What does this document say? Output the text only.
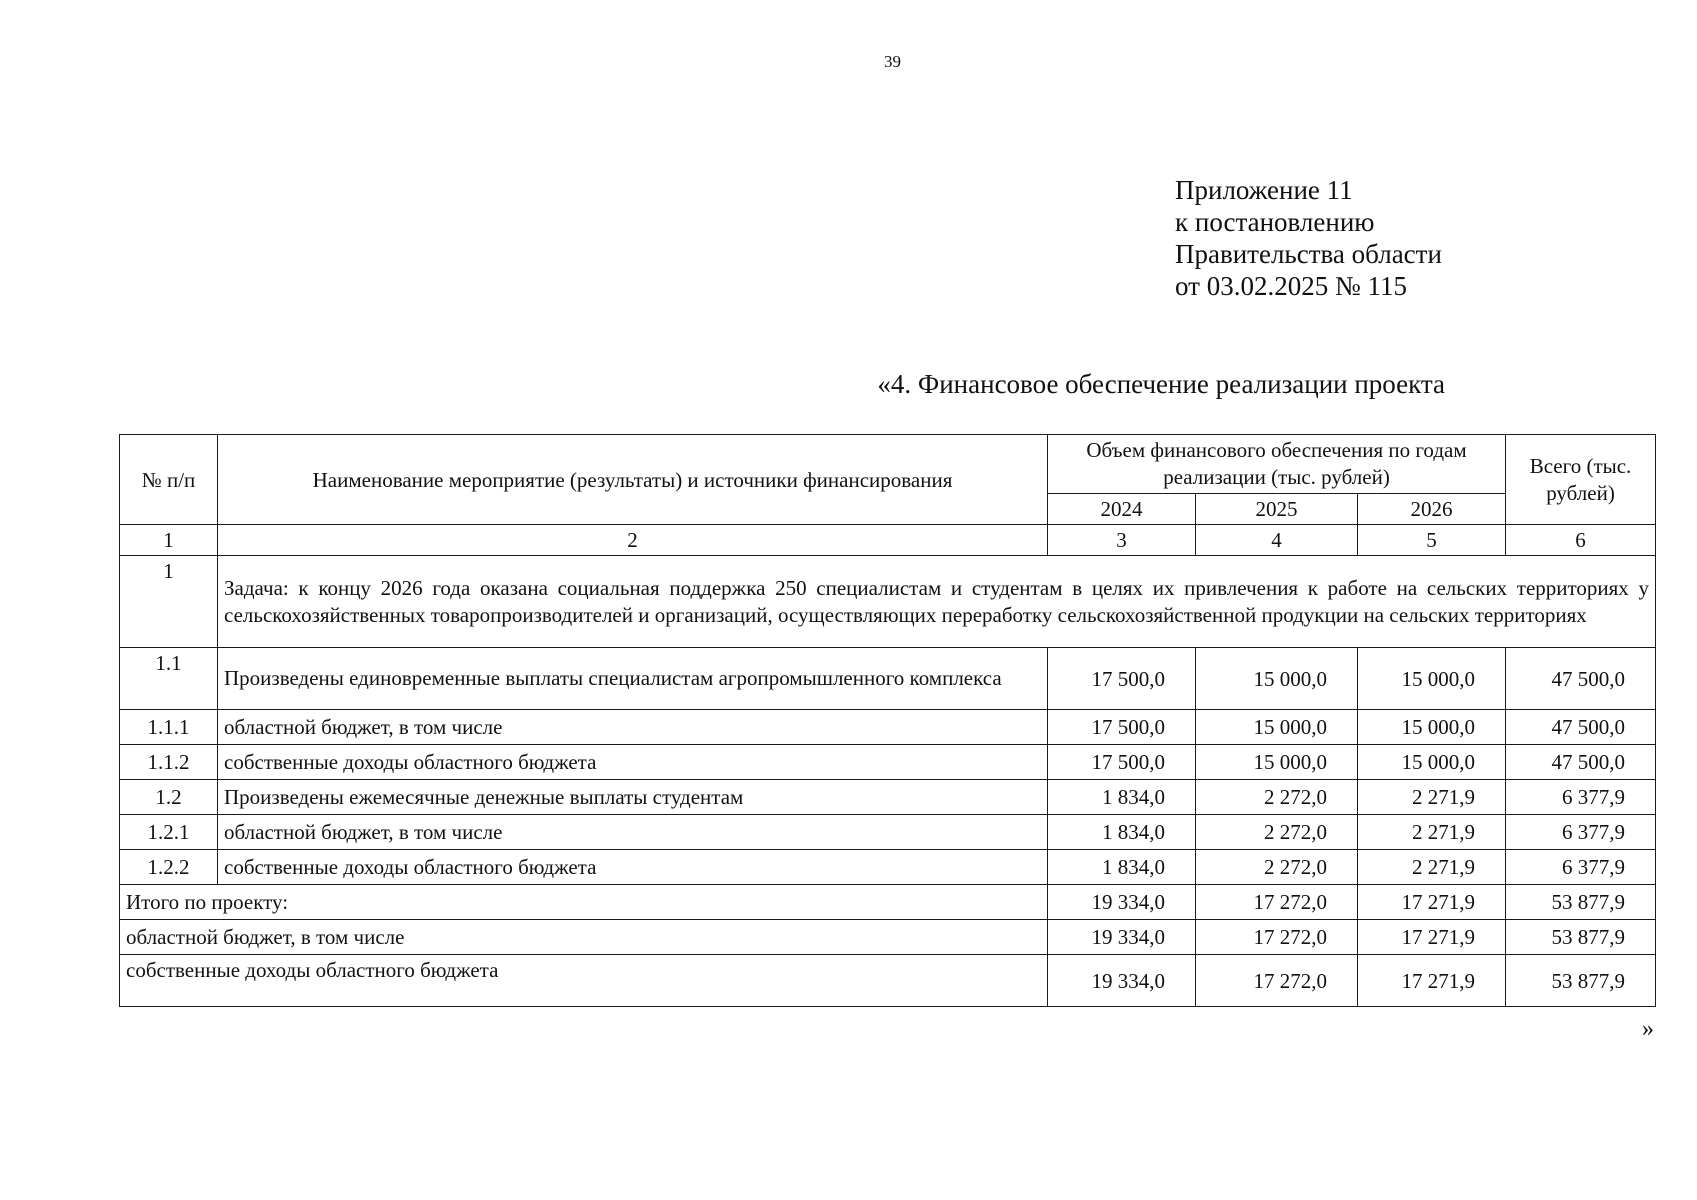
39
Приложение 11
к постановлению
Правительства области
от 03.02.2025 № 115
«4. Финансовое обеспечение реализации проекта
№ п/п	Наименование мероприятие (результаты) и источники финансирования	Объем финансового обеспечения по годам реализации (тыс. рублей)			Всего (тыс. рублей)
		2024	2025	2026	
1	2	3	4	5	6
1	Задача: к концу 2026 года оказана социальная поддержка 250 специалистам и студентам в целях их привлечения к работе на сельских территориях у сельскохозяйственных товаропроизводителей и организаций, осуществляющих переработку сельскохозяйственной продукции на сельских территориях				
1.1	Произведены единовременные выплаты специалистам агропромышленного комплекса	17 500,0	15 000,0	15 000,0	47 500,0
1.1.1	областной бюджет, в том числе	17 500,0	15 000,0	15 000,0	47 500,0
1.1.2	собственные доходы областного бюджета	17 500,0	15 000,0	15 000,0	47 500,0
1.2	Произведены ежемесячные денежные выплаты студентам	1 834,0	2 272,0	2 271,9	6 377,9
1.2.1	областной бюджет, в том числе	1 834,0	2 272,0	2 271,9	6 377,9
1.2.2	собственные доходы областного бюджета	1 834,0	2 272,0	2 271,9	6 377,9
Итого по проекту:		19 334,0	17 272,0	17 271,9	53 877,9
областной бюджет, в том числе		19 334,0	17 272,0	17 271,9	53 877,9
собственные доходы областного бюджета		19 334,0	17 272,0	17 271,9	53 877,9
»
